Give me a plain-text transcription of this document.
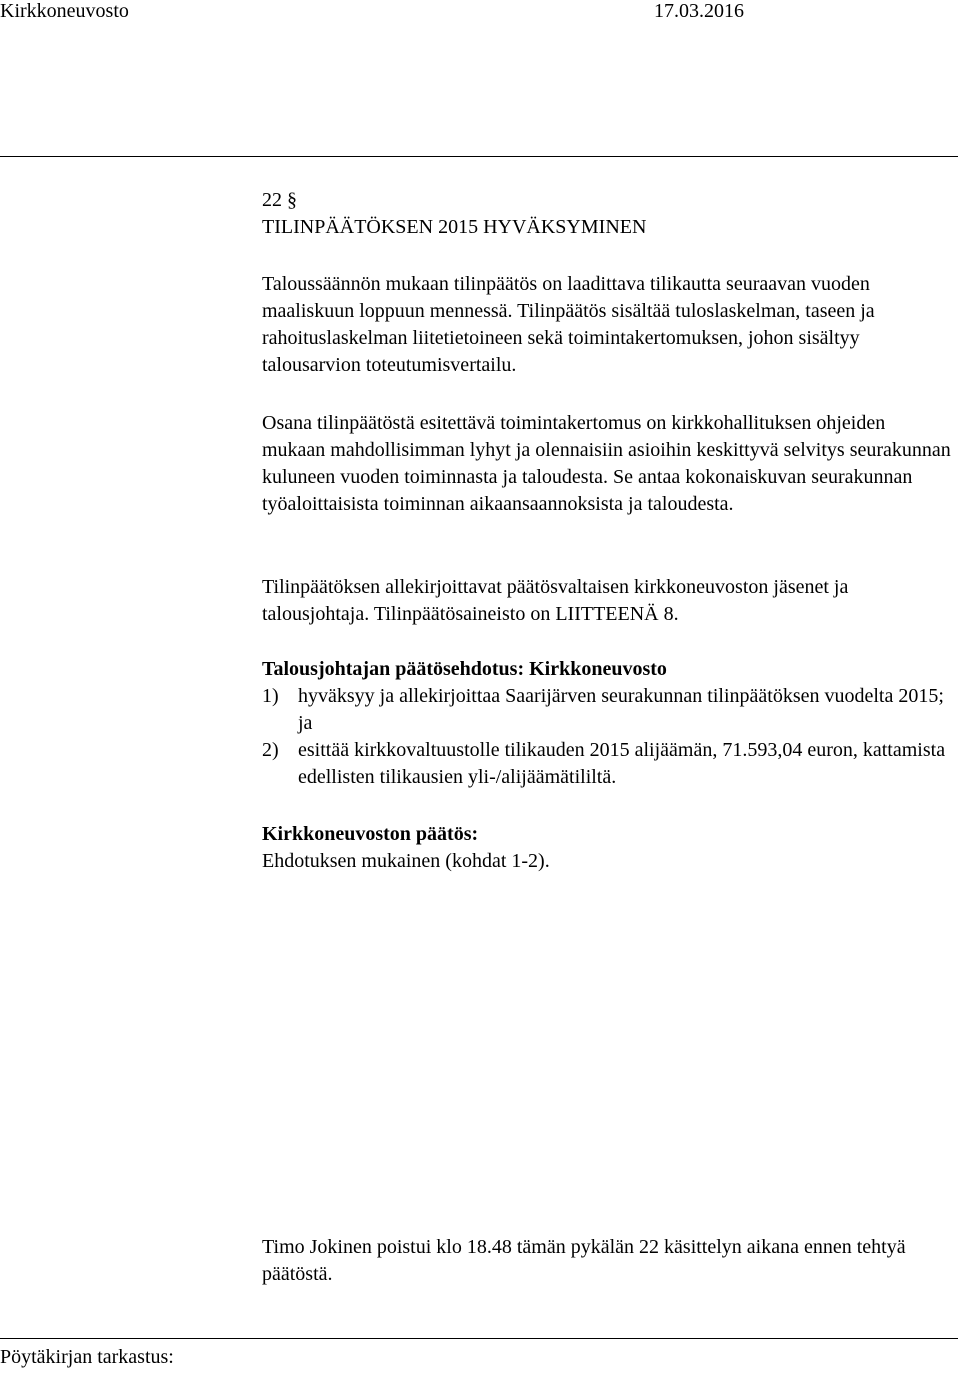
Kirkkoneuvosto	17.03.2016
22 §
TILINPÄÄTÖKSEN 2015 HYVÄKSYMINEN

Taloussäännön mukaan tilinpäätös on laadittava tilikautta seuraavan vuoden maaliskuun loppuun mennessä. Tilinpäätös sisältää tuloslaskelman, taseen ja rahoituslaskelman liitetietoineen sekä toimintakertomuksen, johon sisältyy talousarvion toteutumisvertailu.

Osana tilinpäätöstä esitettävä toimintakertomus on kirkkohallituksen ohjeiden mukaan mahdollisimman lyhyt ja olennaisiin asioihin keskittyvä selvitys seurakunnan kuluneen vuoden toiminnasta ja taloudesta. Se antaa kokonaiskuvan seurakunnan työaloittaisista toiminnan aikaansaannoksista ja taloudesta.

Tilinpäätöksen allekirjoittavat päätösvaltaisen kirkkoneuvoston jäsenet ja talousjohtaja. Tilinpäätösaineisto on LIITTEENÄ 8.

Talousjohtajan päätösehdotus: Kirkkoneuvosto
1) hyväksyy ja allekirjoittaa Saarijärven seurakunnan tilinpäätöksen vuodelta 2015; ja
2) esittää kirkkovaltuustolle tilikauden 2015 alijäämän, 71.593,04 euron, kattamista edellisten tilikausien yli-/alijäämätililtä.
Kirkkoneuvoston päätös:
Ehdotuksen mukainen (kohdat 1-2).

Timo Jokinen poistui klo 18.48 tämän pykälän 22 käsittelyn aikana ennen tehtyä päätöstä.

Pöytäkirjan tarkastus:
